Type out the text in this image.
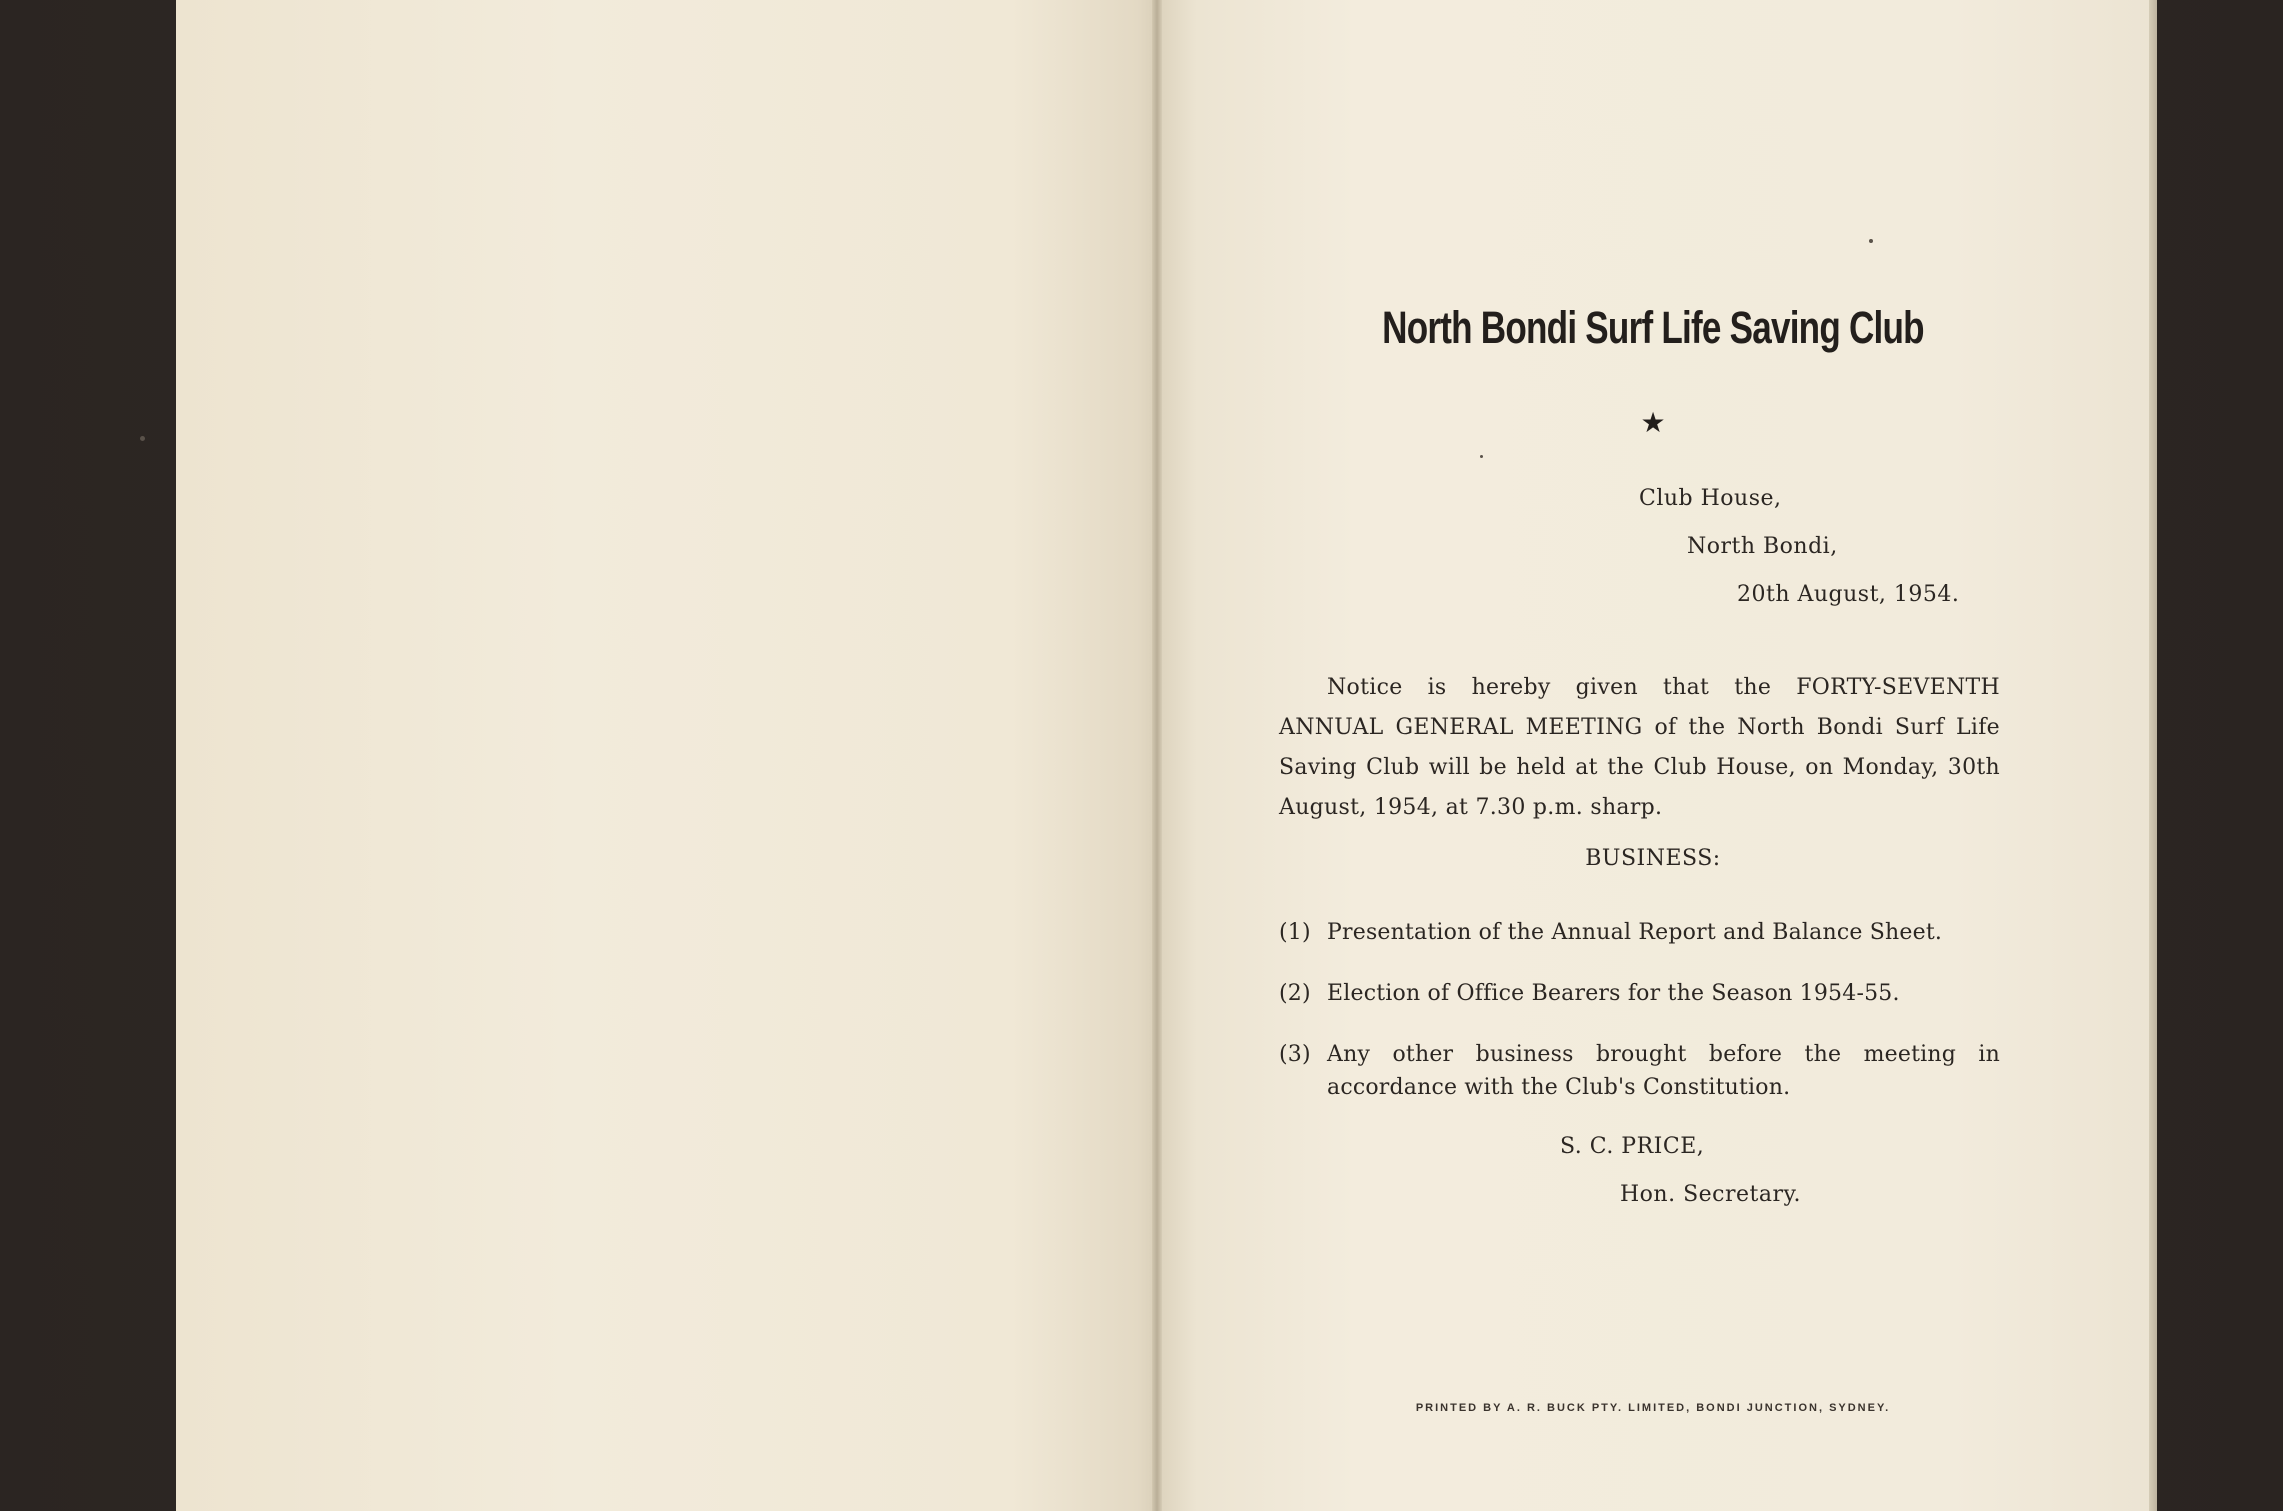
North Bondi Surf Life Saving Club
★
Club House,
North Bondi,
20th August, 1954.
Notice is hereby given that the FORTY-SEVENTH ANNUAL GENERAL MEETING of the North Bondi Surf Life Saving Club will be held at the Club House, on Monday, 30th August, 1954, at 7.30 p.m. sharp.
BUSINESS:
(1) Presentation of the Annual Report and Balance Sheet.
(2) Election of Office Bearers for the Season 1954-55.
(3) Any other business brought before the meeting in accordance with the Club's Constitution.
S. C. PRICE,
Hon. Secretary.
PRINTED BY A. R. BUCK PTY. LIMITED, BONDI JUNCTION, SYDNEY.
